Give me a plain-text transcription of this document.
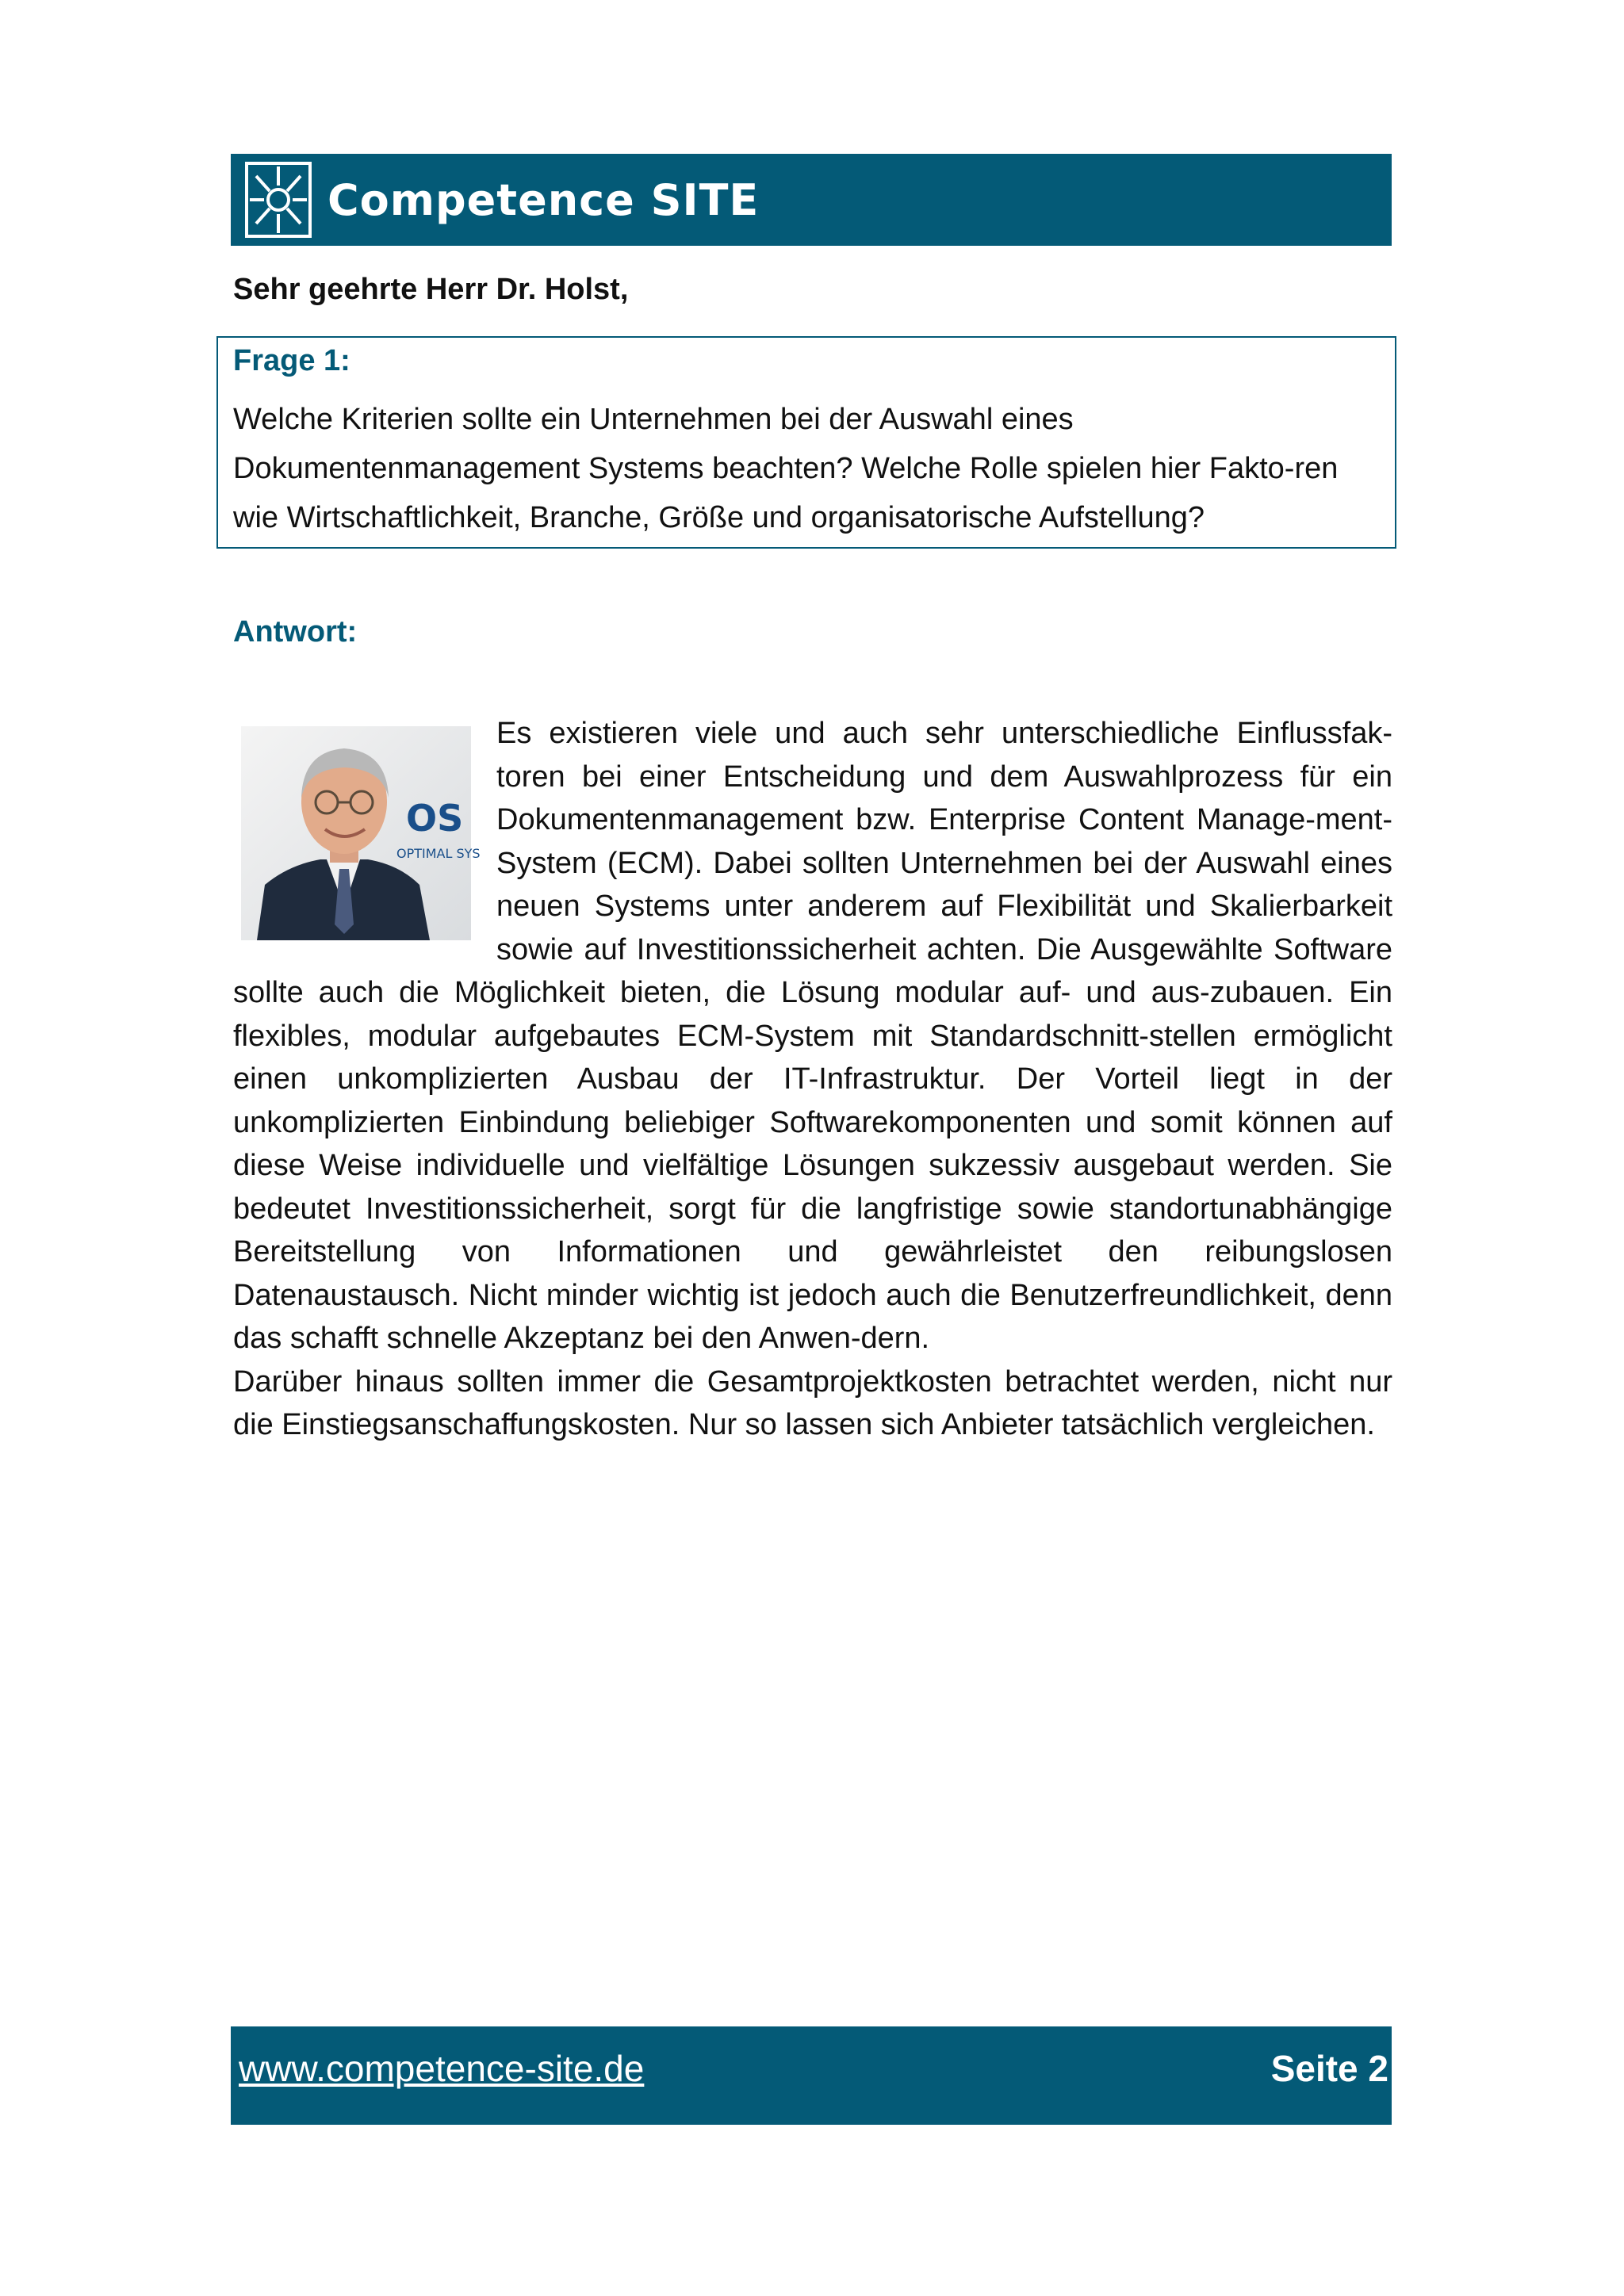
Competence SITE
Sehr geehrte Herr Dr. Holst,
Frage 1:
Welche Kriterien sollte ein Unternehmen bei der Auswahl eines Dokumentenmanagement Systems beachten? Welche Rolle spielen hier Fakto-ren wie Wirtschaftlichkeit, Branche, Größe und organisatorische Aufstellung?
Antwort:
OS
OPTIMAL SYS
Es existieren viele und auch sehr unterschiedliche Einflussfak-toren bei einer Entscheidung und dem Auswahlprozess für ein Dokumentenmanagement bzw. Enterprise Content Manage-ment-System (ECM). Dabei sollten Unternehmen bei der Auswahl eines neuen Systems unter anderem auf Flexibilität und Skalierbarkeit sowie auf Investitionssicherheit achten. Die Ausgewählte Software sollte auch die Möglichkeit bieten, die Lösung modular auf- und aus-zubauen. Ein flexibles, modular aufgebautes ECM-System mit Standardschnitt-stellen ermöglicht einen unkomplizierten Ausbau der IT-Infrastruktur. Der Vorteil liegt in der unkomplizierten Einbindung beliebiger Softwarekomponenten und somit können auf diese Weise individuelle und vielfältige Lösungen sukzessiv ausgebaut werden. Sie bedeutet Investitionssicherheit, sorgt für die langfristige sowie standortunabhängige Bereitstellung von Informationen und gewährleistet den reibungslosen Datenaustausch. Nicht minder wichtig ist jedoch auch die Benutzerfreundlichkeit, denn das schafft schnelle Akzeptanz bei den Anwen-dern.
Darüber hinaus sollten immer die Gesamtprojektkosten betrachtet werden, nicht nur die Einstiegsanschaffungskosten. Nur so lassen sich Anbieter tatsächlich vergleichen.
www.competence-site.de	Seite 2
